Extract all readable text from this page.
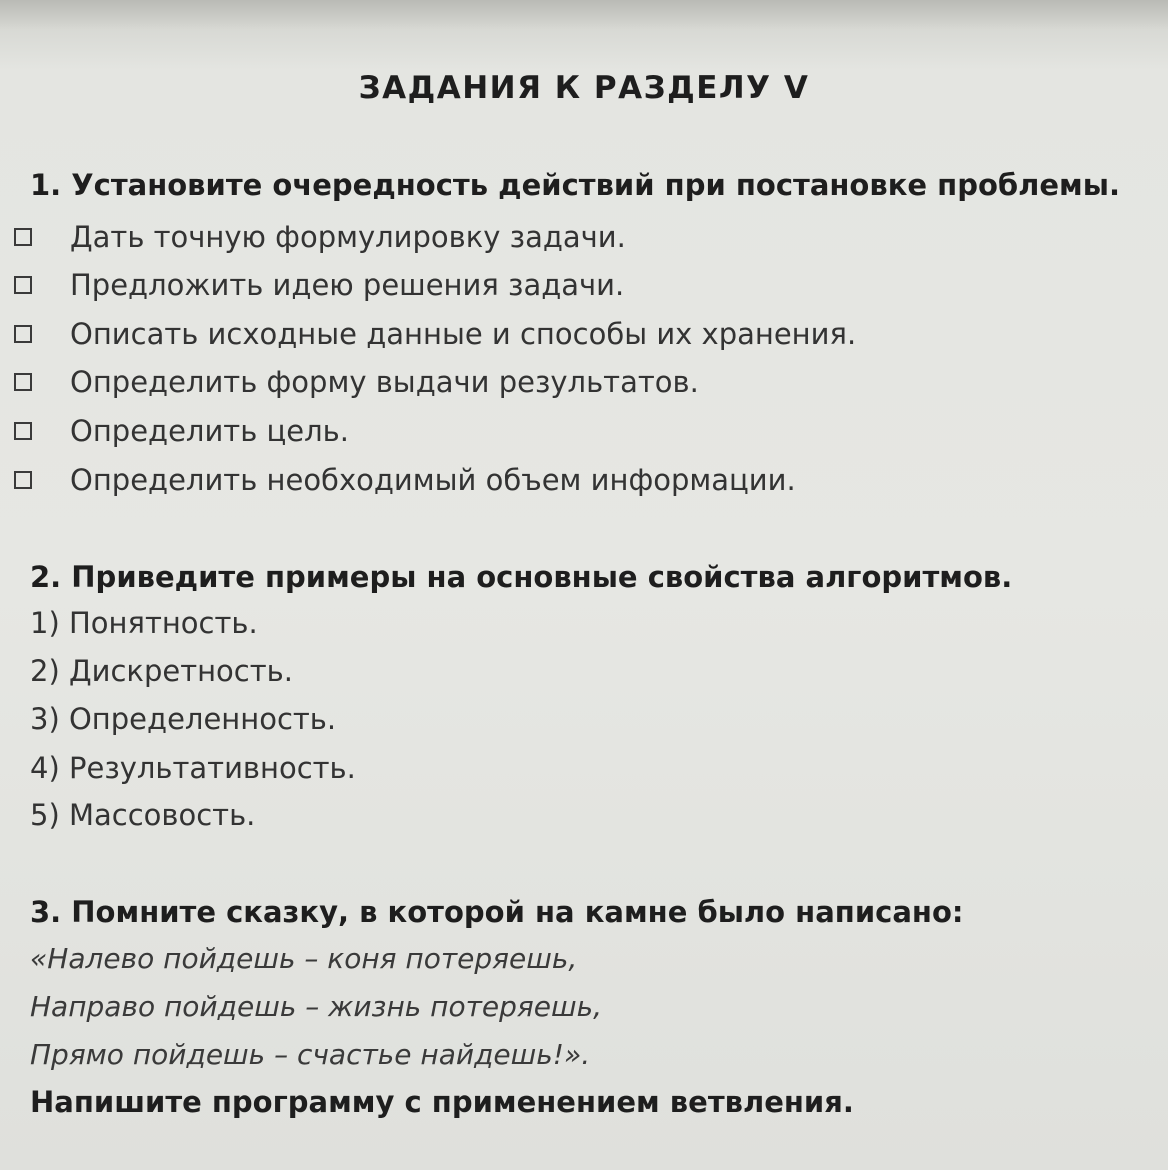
ЗАДАНИЯ К РАЗДЕЛУ V
1. Установите очередность действий при постановке проблемы.
Дать точную формулировку задачи.
Предложить идею решения задачи.
Описать исходные данные и способы их хранения.
Определить форму выдачи результатов.
Определить цель.
Определить необходимый объем информации.
2. Приведите примеры на основные свойства алгоритмов.
1) Понятность.
2) Дискретность.
3) Определенность.
4) Результативность.
5) Массовость.
3. Помните сказку, в которой на камне было написано:
«Налево пойдешь – коня потеряешь,
Направо пойдешь – жизнь потеряешь,
Прямо пойдешь – счастье найдешь!».
Напишите программу с применением ветвления.
